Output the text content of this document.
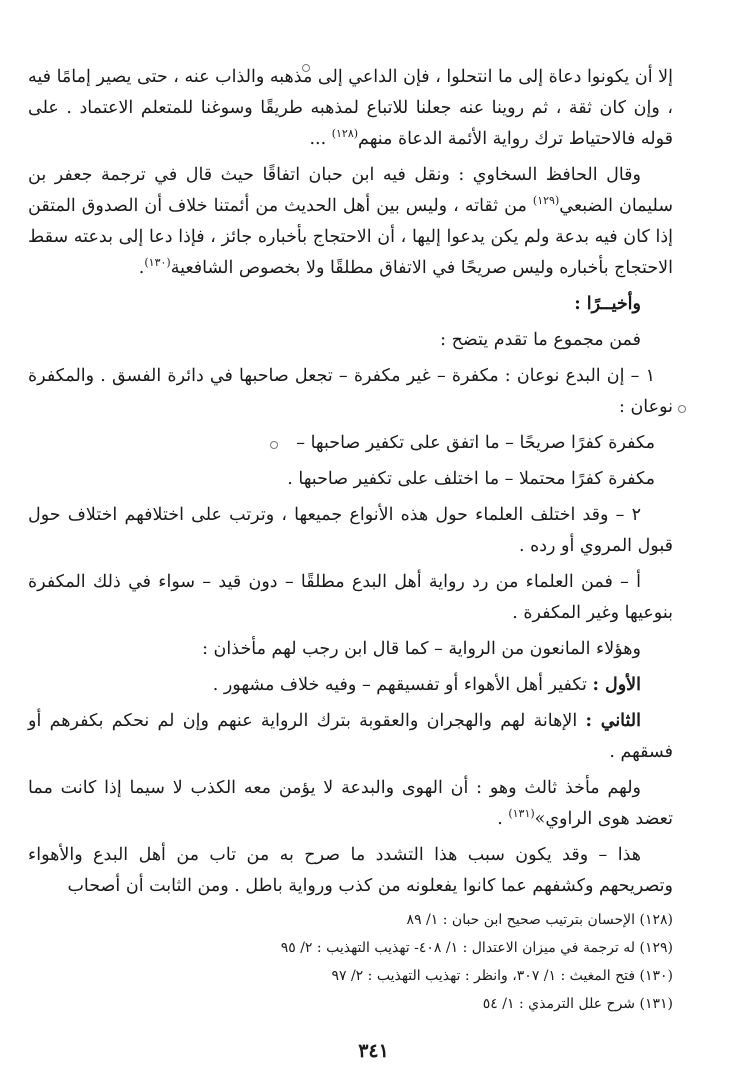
إلا أن يكونوا دعاة إلى ما انتحلوا ، فإن الداعي إلى مذهبه والذاب عنه ، حتى يصير إمامًا فيه ، وإن كان ثقة ، ثم روينا عنه جعلنا للاتباع لمذهبه طريقًا وسوغنا للمتعلم الاعتماد . على قوله فالاحتياط ترك رواية الأئمة الدعاة منهم$^{(١٢٨)}$ ...

وقال الحافظ السخاوي : ونقل فيه ابن حبان اتفاقًا حيث قال في ترجمة جعفر بن سليمان الضبعي$^{(١٢٩)}$ من ثقاته ، وليس بين أهل الحديث من أئمتنا خلاف أن الصدوق المتقن إذا كان فيه بدعة ولم يكن يدعوا إليها ، أن الاحتجاج بأخباره جائز ، فإذا دعا إلى بدعته سقط الاحتجاج بأخباره وليس صريحًا في الاتفاق مطلقًا ولا بخصوص الشافعية$^{(١٣٠)}$.

وأخيــرًا :

فمن مجموع ما تقدم يتضح :

١ – إن البدع نوعان : مكفرة – غير مكفرة – تجعل صاحبها في دائرة الفسق . والمكفرة نوعان :

مكفرة كفرًا صريحًا – ما اتفق على تكفير صاحبها –

مكفرة كفرًا محتملا – ما اختلف على تكفير صاحبها .

٢ – وقد اختلف العلماء حول هذه الأنواع جميعها ، وترتب على اختلافهم اختلاف حول قبول المروي أو رده .

أ – فمن العلماء من رد رواية أهل البدع مطلقًا – دون قيد – سواء في ذلك المكفرة بنوعيها وغير المكفرة .

وهؤلاء المانعون من الرواية – كما قال ابن رجب لهم مأخذان :

الأول : تكفير أهل الأهواء أو تفسيقهم – وفيه خلاف مشهور .

الثاني : الإهانة لهم والهجران والعقوبة بترك الرواية عنهم وإن لم نحكم بكفرهم أو فسقهم .

ولهم مأخذ ثالث وهو : أن الهوى والبدعة لا يؤمن معه الكذب لا سيما إذا كانت مما تعضد هوى الراوي»$^{(١٣١)}$ .

هذا – وقد يكون سبب هذا التشدد ما صرح به من تاب من أهل البدع والأهواء وتصريحهم وكشفهم عما كانوا يفعلونه من كذب ورواية باطل . ومن الثابت أن أصحاب

(١٢٨) الإحسان بترتيب صحيح ابن حبان : ١/ ٨٩

(١٢٩) له ترجمة في ميزان الاعتدال : ١/ ٤٠٨- تهذيب التهذيب : ٢/ ٩٥

(١٣٠) فتح المغيث : ١/ ٣٠٧، وانظر : تهذيب التهذيب : ٢/ ٩٧

(١٣١) شرح علل الترمذي : ١/ ٥٤

٣٤١
